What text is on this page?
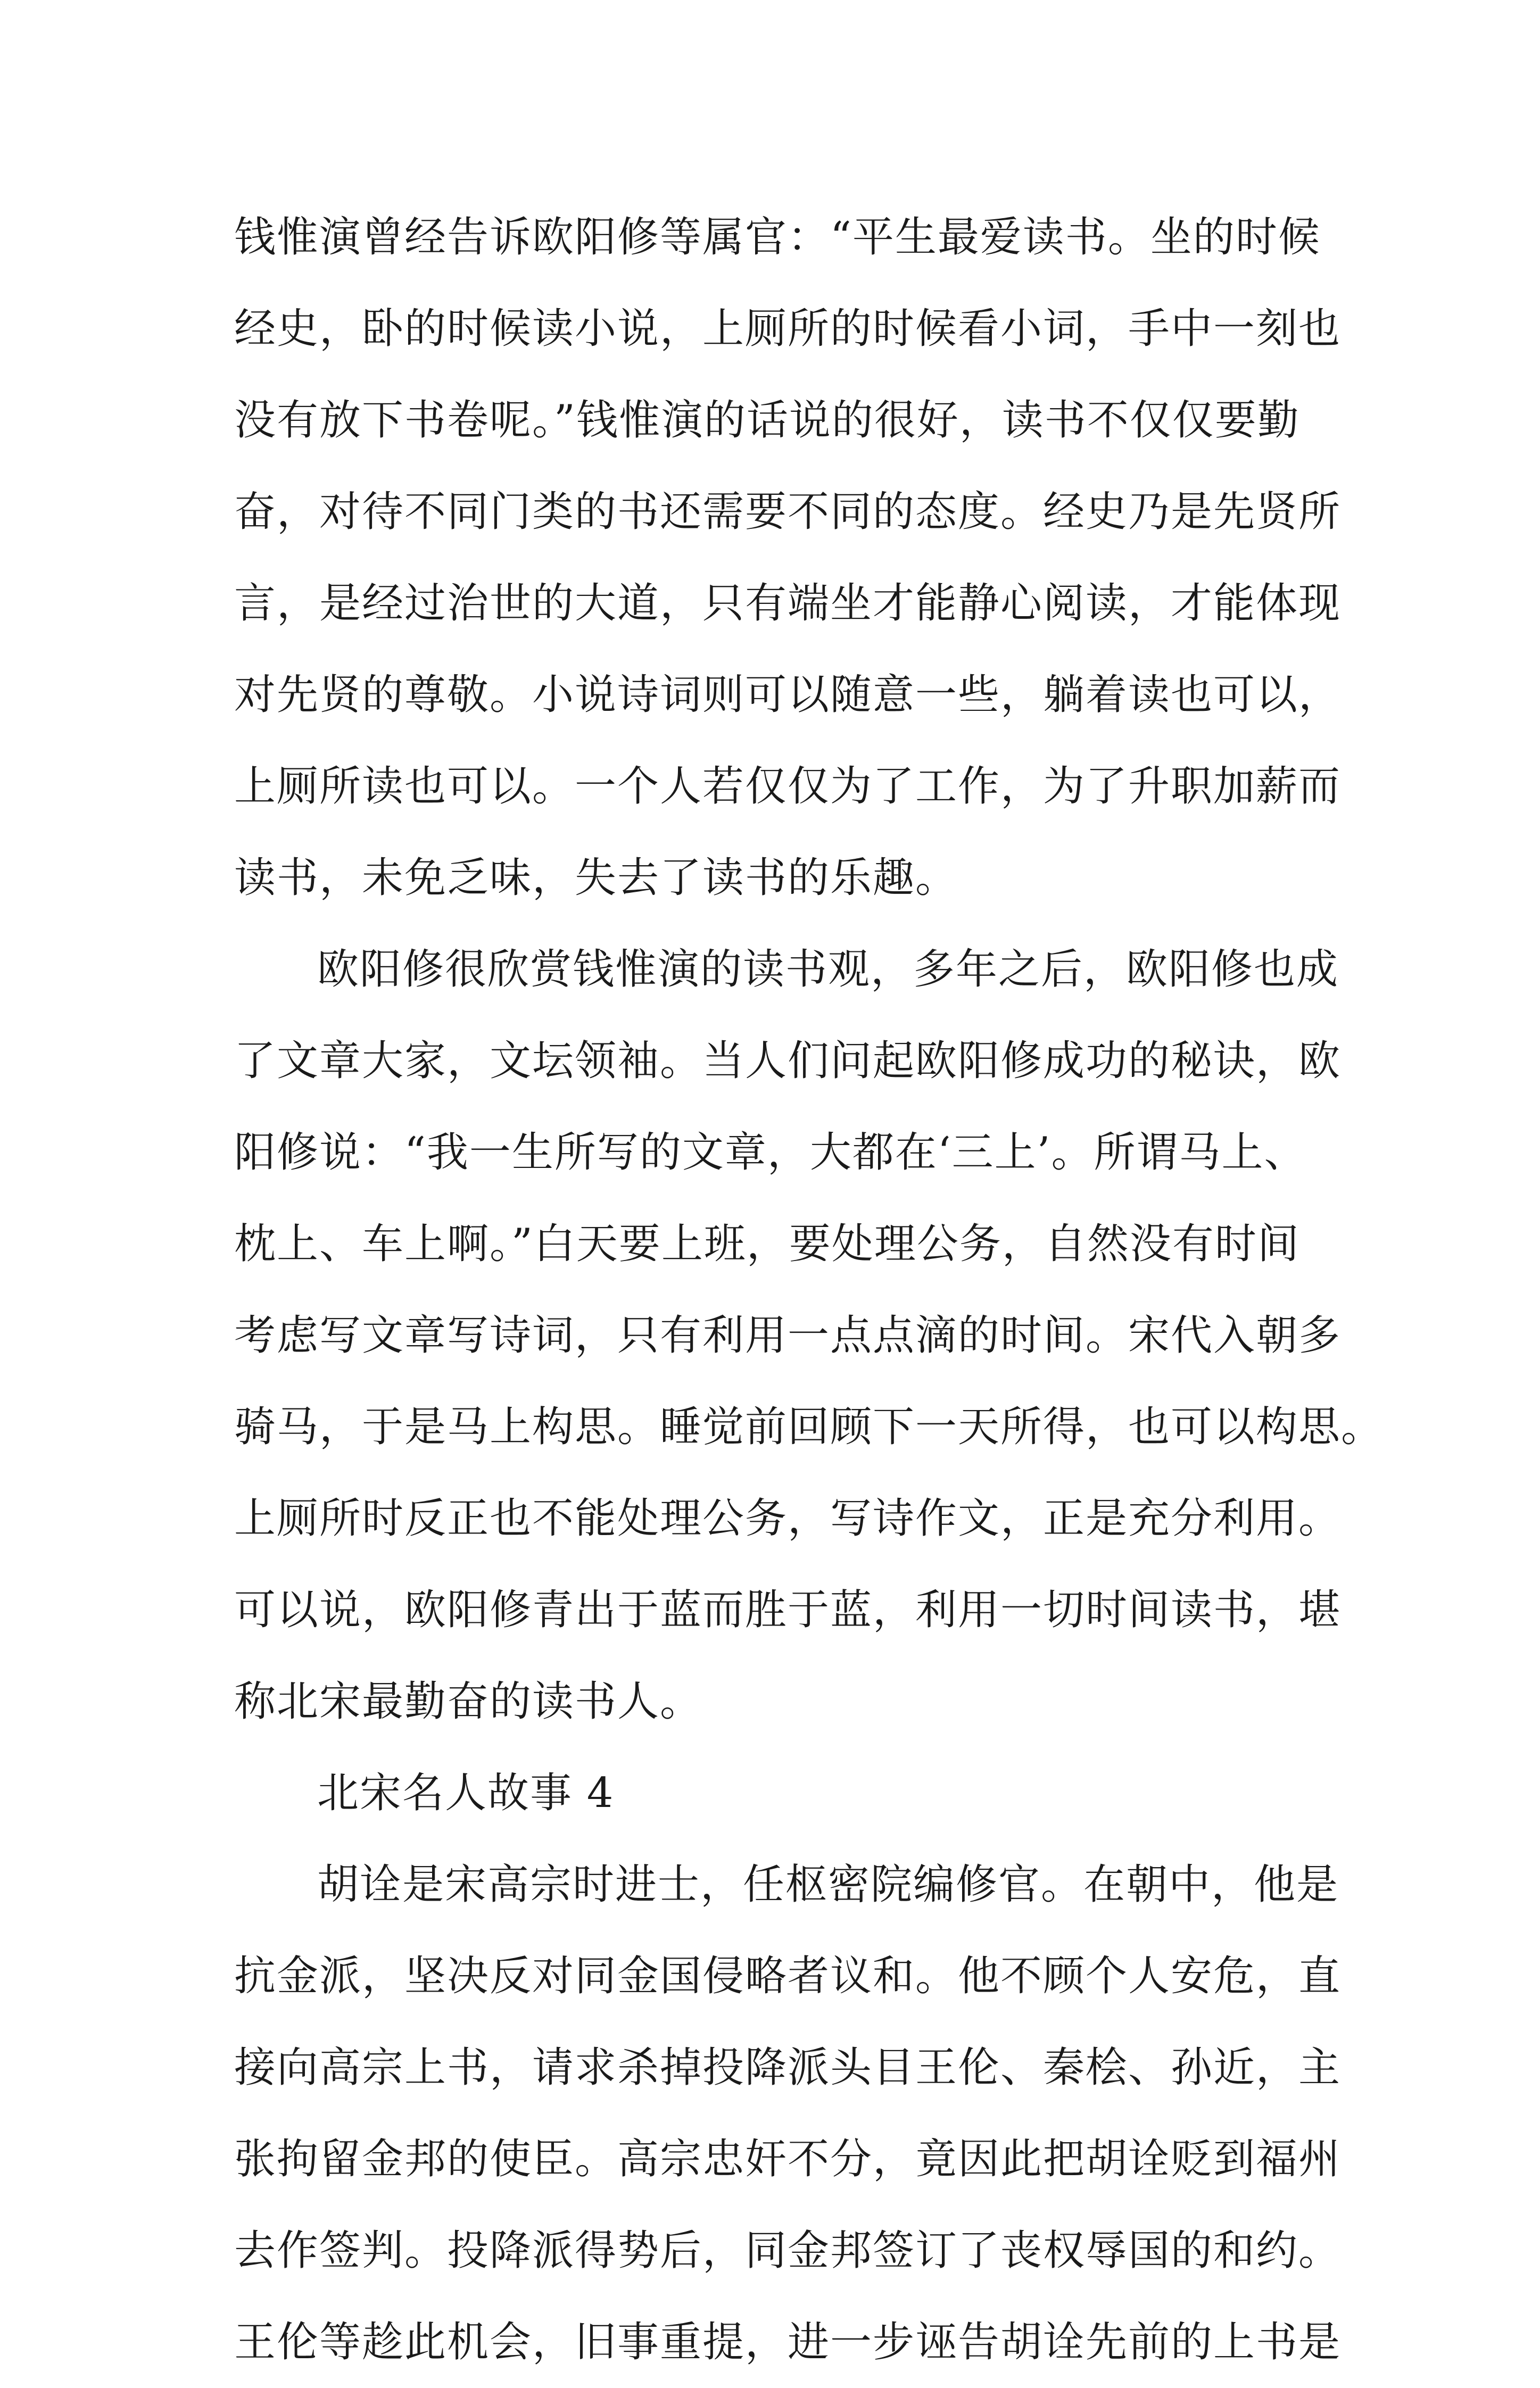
钱惟演曾经告诉欧阳修等属官：“平生最爱读书。坐的时候
经史，卧的时候读小说，上厕所的时候看小词，手中一刻也
没有放下书卷呢。”钱惟演的话说的很好，读书不仅仅要勤
奋，对待不同门类的书还需要不同的态度。经史乃是先贤所
言，是经过治世的大道，只有端坐才能静心阅读，才能体现
对先贤的尊敬。小说诗词则可以随意一些，躺着读也可以，
上厕所读也可以。一个人若仅仅为了工作，为了升职加薪而
读书，未免乏味，失去了读书的乐趣。
欧阳修很欣赏钱惟演的读书观，多年之后，欧阳修也成
了文章大家，文坛领袖。当人们问起欧阳修成功的秘诀，欧
阳修说：“我一生所写的文章，大都在‘三上’。所谓马上、
枕上、车上啊。”白天要上班，要处理公务，自然没有时间
考虑写文章写诗词，只有利用一点点滴的时间。宋代入朝多
骑马，于是马上构思。睡觉前回顾下一天所得，也可以构思。
上厕所时反正也不能处理公务，写诗作文，正是充分利用。
可以说，欧阳修青出于蓝而胜于蓝，利用一切时间读书，堪
称北宋最勤奋的读书人。
北宋名人故事 4
胡诠是宋高宗时进士，任枢密院编修官。在朝中，他是
抗金派，坚决反对同金国侵略者议和。他不顾个人安危，直
接向高宗上书，请求杀掉投降派头目王伦、秦桧、孙近，主
张拘留金邦的使臣。高宗忠奸不分，竟因此把胡诠贬到福州
去作签判。投降派得势后，同金邦签订了丧权辱国的和约。
王伦等趁此机会，旧事重提，进一步诬告胡诠先前的上书是
